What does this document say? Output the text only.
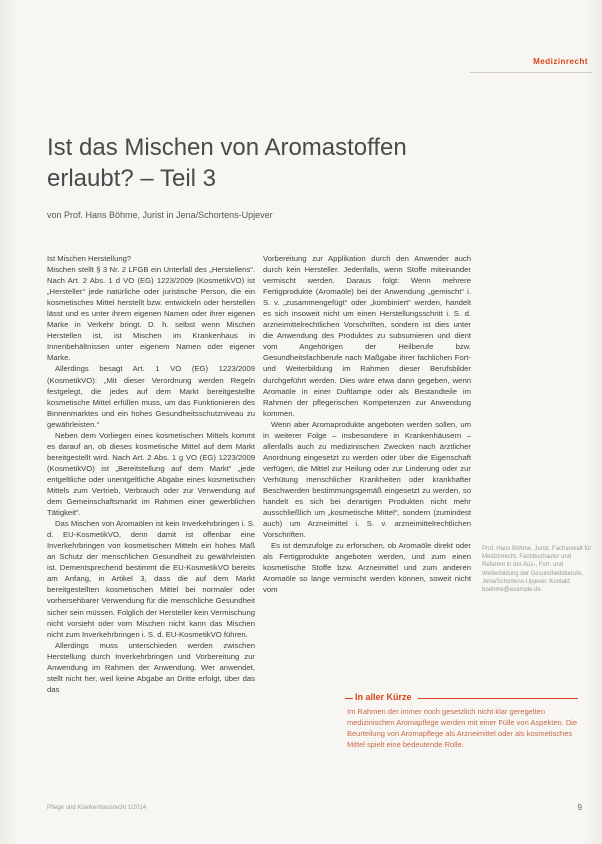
Medizinrecht
Ist das Mischen von Aromastoffen erlaubt? – Teil 3
von Prof. Hans Böhme, Jurist in Jena/Schortens-Upjever

Ist Mischen Herstellung?

Mischen stellt § 3 Nr. 2 LFGB ein Unterfall des „Herstellens“. Nach Art. 2 Abs. 1 d VO (EG) 1223/2009 (KosmetikVO) ist „Hersteller“ jede natürliche oder juristische Person, die ein kosmetisches Mittel herstellt bzw. entwickeln oder herstellen lässt und es unter ihrem eigenen Namen oder ihrer eigenen Marke in Verkehr bringt. D. h. selbst wenn Mischen Herstellen ist, ist Mischen im Krankenhaus in Innenbehältnissen unter eigenem Namen oder eigener Marke.

Allerdings besagt Art. 1 VO (EG) 1223/2009 (KosmetikVO): „Mit dieser Verordnung werden Regeln festgelegt, die jedes auf dem Markt bereitgestellte kosmetische Mittel erfüllen muss, um das Funktionieren des Binnenmarktes und ein hohes Gesundheitsschutzniveau zu gewährleisten.“

Neben dem Vorliegen eines kosmetischen Mittels kommt es darauf an, ob dieses kosmetische Mittel auf dem Markt bereitgestellt wird. Nach Art. 2 Abs. 1 g VO (EG) 1223/2009 (KosmetikVO) ist „Bereitstellung auf dem Markt“ „jede entgeltliche oder unentgeltliche Abgabe eines kosmetischen Mittels zum Vertrieb, Verbrauch oder zur Verwendung auf dem Gemeinschaftsmarkt im Rahmen einer gewerblichen Tätigkeit“.

Das Mischen von Aromaölen ist kein Inverkehrbringen i. S. d. EU-KosmetikVO, denn damit ist offenbar eine Inverkehrbringen von kosmetischen Mitteln ein hohes Maß an Schutz der menschlichen Gesundheit zu gewährleisten ist. Dementsprechend bestimmt die EU-KosmetikVO bereits am Anfang, in Artikel 3, dass die auf dem Markt bereitgestellten kosmetischen Mittel bei normaler oder vorhersehbarer Verwendung für die menschliche Gesundheit sicher sein müssen. Folglich der Hersteller kein Vermischung nicht vorsieht oder vom Mischen nicht kann das Mischen nicht zum Inverkehrbringen i. S. d. EU-KosmetikVO führen.

Allerdings muss unterschieden werden zwischen Herstellung durch Inverkehrbringen und Vorbereitung zur Anwendung im Rahmen der Anwendung. Wer anwendet, stellt nicht her, weil keine Abgabe an Dritte erfolgt, über das das

Vorbereitung zur Applikation durch den Anwender auch durch kein Hersteller. Jedenfalls, wenn Stoffe miteinander vermischt werden. Daraus folgt: Wenn mehrere Fertigprodukte (Aromaöle) bei der Anwendung „gemischt“ i. S. v. „zusammengefügt“ oder „kombiniert“ werden, handelt es sich insoweit nicht um einen Herstellungsschritt i. S. d. arzneimittelrechtlichen Vorschriften, sondern ist dies unter die Anwendung des Produktes zu subsumieren und dient vom Angehörigen der Heilberufe bzw. Gesundheitsfachberufe nach Maßgabe ihrer fachlichen Fort- und Weiterbildung im Rahmen dieser Berufsbilder durchgeführt werden. Dies wäre etwa dann gegeben, wenn Aromaöle in einer Duftlampe oder als Bestandteile im Rahmen der pflegerischen Kompetenzen zur Anwendung kommen.

Wenn aber Aromaprodukte angeboten werden sollen, um in weiterer Folge – insbesondere in Krankenhäusern – allenfalls auch zu medizinischen Zwecken nach ärztlicher Anordnung eingesetzt zu werden oder über die Eigenschaft verfügen, die Mittel zur Heilung oder zur Linderung oder zur Verhütung menschlicher Krankheiten oder krankhafter Beschwerden bestimmungsgemäß eingesetzt zu werden, so handelt es sich bei derartigen Produkten nicht mehr ausschließlich um „kosmetische Mittel“, sondern (zumindest auch) um Arzneimittel i. S. v. arzneimittelrechtlichen Vorschriften.

Es ist demzufolge zu erforschen, ob Aromaöle direkt oder als Fertigprodukte angeboten werden, und zum einen kosmetische Stoffe bzw. Arzneimittel und zum anderen Aromaöle so lange vermischt werden können, soweit nicht vom

Prof. Hans Böhme, Jurist, Fachanwalt für Medizinrecht, Fachbuchautor und Referent in der Aus-, Fort- und Weiterbildung der Gesundheitsberufe, Jena/Schortens-Upjever. Kontakt: boehme@example.de
In aller Kürze
Im Rahmen der immer noch gesetzlich nicht klar geregelten medizinischen Aromapflege werden mit einer Fülle von Aspekten. Die Beurteilung von Aromapflege als Arzneimittel oder als kosmetisches Mittel spielt eine bedeutende Rolle.
Pflege und Krankenhausrecht 1/2014	9
